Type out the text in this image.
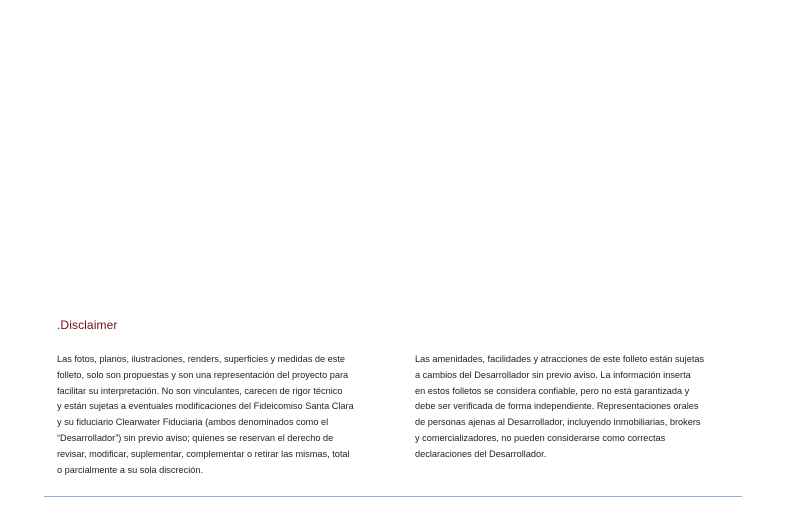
.Disclaimer
Las fotos, planos, ilustraciones, renders, superficies y medidas de este
folleto, solo son propuestas y son una representación del proyecto para
facilitar su interpretación. No son vinculantes, carecen de rigor técnico
y están sujetas a eventuales modificaciones del Fideicomiso Santa Clara
y su fiduciario Clearwater Fiduciaria (ambos denominados como el
“Desarrollador”) sin previo aviso; quienes se reservan el derecho de
revisar, modificar, suplementar, complementar o retirar las mismas, total
o parcialmente a su sola discreción.
Las amenidades, facilidades y atracciones de este folleto están sujetas
a cambios del Desarrollador sin previo aviso. La información inserta
en estos folletos se considera confiable, pero no está garantizada y
debe ser verificada de forma independiente. Representaciones orales
de personas ajenas al Desarrollador, incluyendo inmobiliarias, brokers
y comercializadores, no pueden considerarse como correctas
declaraciones del Desarrollador.
